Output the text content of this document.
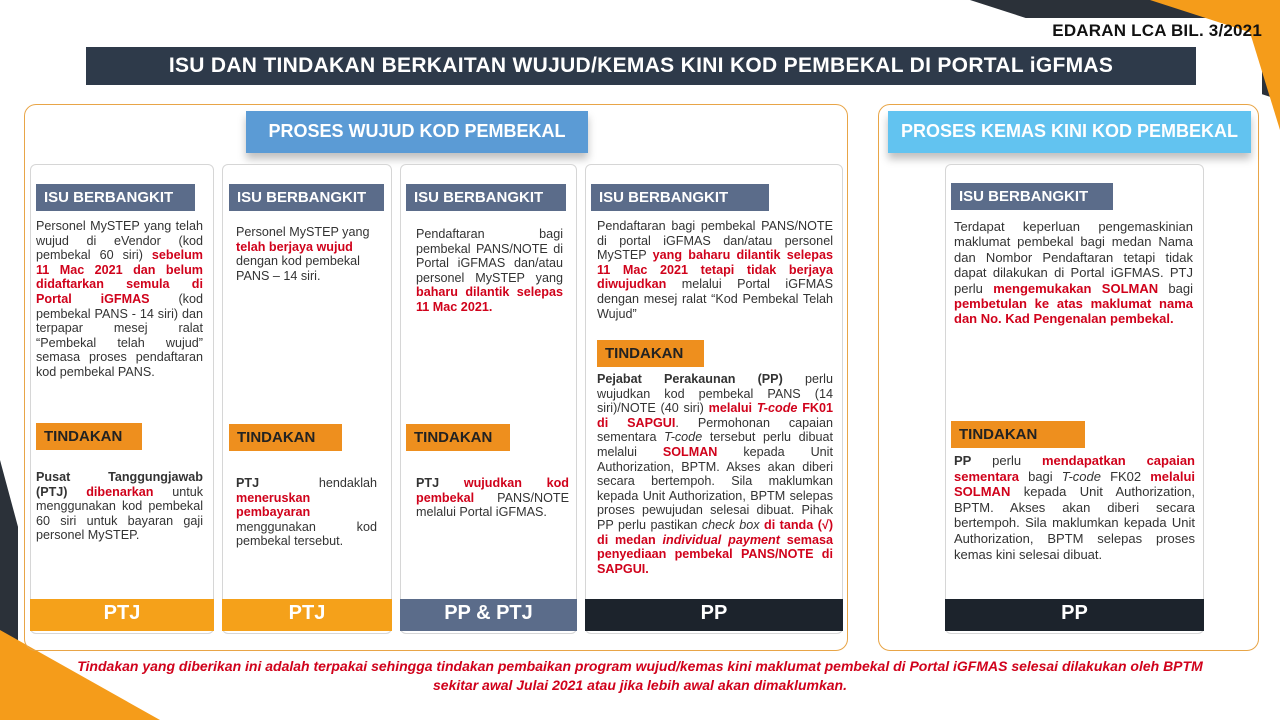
EDARAN LCA BIL. 3/2021
ISU DAN TINDAKAN BERKAITAN WUJUD/KEMAS KINI KOD PEMBEKAL DI PORTAL iGFMAS
PROSES WUJUD KOD PEMBEKAL	PROSES KEMAS KINI KOD PEMBEKAL
ISU BERBANGKIT
Personel MySTEP yang telah wujud di eVendor (kod pembekal 60 siri) sebelum 11 Mac 2021 dan belum didaftarkan semula di Portal iGFMAS (kod pembekal PANS - 14 siri) dan terpapar mesej ralat “Pembekal telah wujud” semasa proses pendaftaran kod pembekal PANS.
TINDAKAN
Pusat Tanggungjawab (PTJ) dibenarkan untuk menggunakan kod pembekal 60 siri untuk bayaran gaji personel MySTEP.
PTJ
ISU BERBANGKIT
Personel MySTEP yang telah berjaya wujud dengan kod pembekal PANS – 14 siri.
TINDAKAN
PTJ hendaklah meneruskan pembayaran menggunakan kod pembekal tersebut.
PTJ
ISU BERBANGKIT
Pendaftaran bagi pembekal PANS/NOTE di Portal iGFMAS dan/atau personel MySTEP yang baharu dilantik selepas 11 Mac 2021.
TINDAKAN
PTJ wujudkan kod pembekal PANS/NOTE melalui Portal iGFMAS.
PP & PTJ
ISU BERBANGKIT
Pendaftaran bagi pembekal PANS/NOTE di portal iGFMAS dan/atau personel MySTEP yang baharu dilantik selepas 11 Mac 2021 tetapi tidak berjaya diwujudkan melalui Portal iGFMAS dengan mesej ralat “Kod Pembekal Telah Wujud”
TINDAKAN
Pejabat Perakaunan (PP) perlu wujudkan kod pembekal PANS (14 siri)/NOTE (40 siri) melalui T-code FK01 di SAPGUI. Permohonan capaian sementara T-code tersebut perlu dibuat melalui SOLMAN kepada Unit Authorization, BPTM. Akses akan diberi secara bertempoh. Sila maklumkan kepada Unit Authorization, BPTM selepas proses pewujudan selesai dibuat. Pihak PP perlu pastikan check box di tanda (√) di medan individual payment semasa penyediaan pembekal PANS/NOTE di SAPGUI.
PP
ISU BERBANGKIT
Terdapat keperluan pengemaskinian maklumat pembekal bagi medan Nama dan Nombor Pendaftaran tetapi tidak dapat dilakukan di Portal iGFMAS. PTJ perlu mengemukakan SOLMAN bagi pembetulan ke atas maklumat nama dan No. Kad Pengenalan pembekal.
TINDAKAN
PP perlu mendapatkan capaian sementara bagi T-code FK02 melalui SOLMAN kepada Unit Authorization, BPTM. Akses akan diberi secara bertempoh. Sila maklumkan kepada Unit Authorization, BPTM selepas proses kemas kini selesai dibuat.
PP
Tindakan yang diberikan ini adalah terpakai sehingga tindakan pembaikan program wujud/kemas kini maklumat pembekal di Portal iGFMAS selesai dilakukan oleh BPTM sekitar awal Julai 2021 atau jika lebih awal akan dimaklumkan.
